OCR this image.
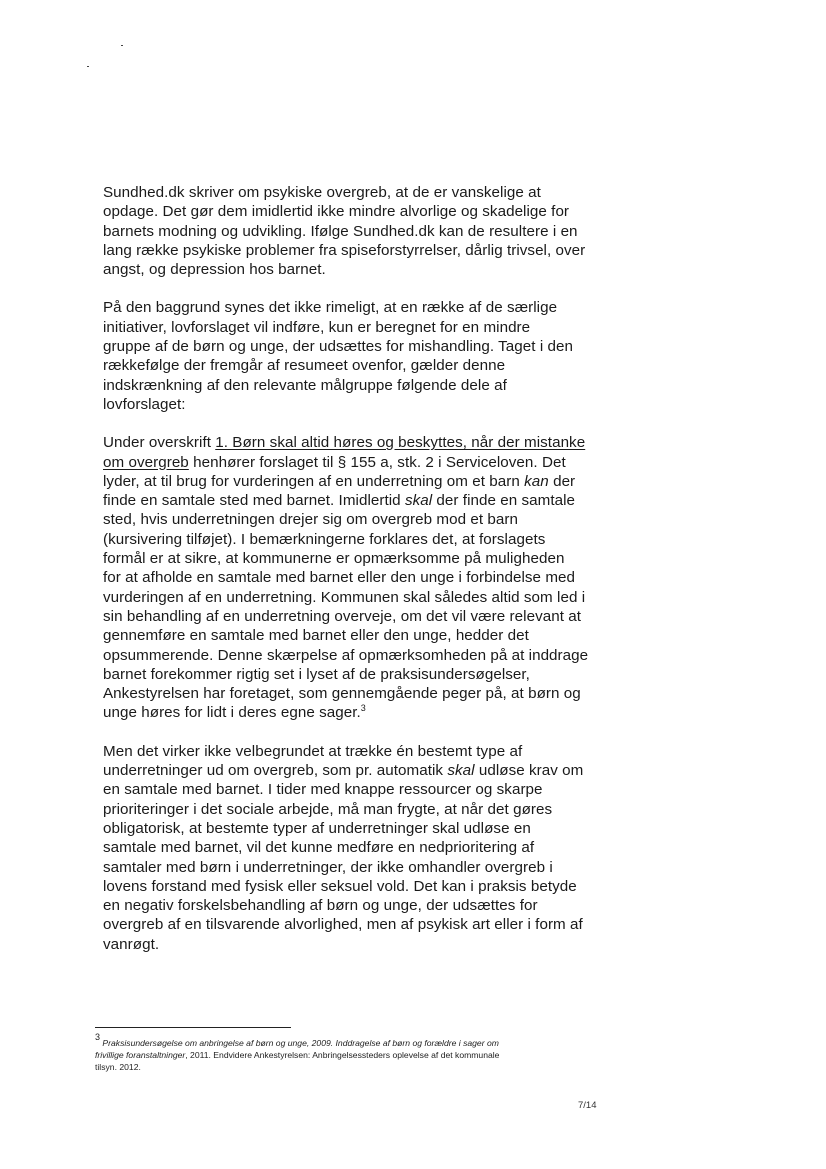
Sundhed.dk skriver om psykiske overgreb, at de er vanskelige at
opdage. Det gør dem imidlertid ikke mindre alvorlige og skadelige for
barnets modning og udvikling. Ifølge Sundhed.dk kan de resultere i en
lang række psykiske problemer fra spiseforstyrrelser, dårlig trivsel, over
angst, og depression hos barnet.

På den baggrund synes det ikke rimeligt, at en række af de særlige
initiativer, lovforslaget vil indføre, kun er beregnet for en mindre
gruppe af de børn og unge, der udsættes for mishandling. Taget i den
rækkefølge der fremgår af resumeet ovenfor, gælder denne
indskrænkning af den relevante målgruppe følgende dele af
lovforslaget:

Under overskrift 1. Børn skal altid høres og beskyttes, når der mistanke
om overgreb henhører forslaget til § 155 a, stk. 2 i Serviceloven. Det
lyder, at til brug for vurderingen af en underretning om et barn kan der
finde en samtale sted med barnet. Imidlertid skal der finde en samtale
sted, hvis underretningen drejer sig om overgreb mod et barn
(kursivering tilføjet). I bemærkningerne forklares det, at forslagets
formål er at sikre, at kommunerne er opmærksomme på muligheden
for at afholde en samtale med barnet eller den unge i forbindelse med
vurderingen af en underretning. Kommunen skal således altid som led i
sin behandling af en underretning overveje, om det vil være relevant at
gennemføre en samtale med barnet eller den unge, hedder det
opsummerende. Denne skærpelse af opmærksomheden på at inddrage
barnet forekommer rigtig set i lyset af de praksisundersøgelser,
Ankestyrelsen har foretaget, som gennemgående peger på, at børn og
unge høres for lidt i deres egne sager.$^3$

Men det virker ikke velbegrundet at trække én bestemt type af
underretninger ud om overgreb, som pr. automatik skal udløse krav om
en samtale med barnet. I tider med knappe ressourcer og skarpe
prioriteringer i det sociale arbejde, må man frygte, at når det gøres
obligatorisk, at bestemte typer af underretninger skal udløse en
samtale med barnet, vil det kunne medføre en nedprioritering af
samtaler med børn i underretninger, der ikke omhandler overgreb i
lovens forstand med fysisk eller seksuel vold. Det kan i praksis betyde
en negativ forskelsbehandling af børn og unge, der udsættes for
overgreb af en tilsvarende alvorlighed, men af psykisk art eller i form af
vanrøgt.

$^3$ Praksisundersøgelse om anbringelse af børn og unge, 2009. Inddragelse af børn og forældre i sager om
frivillige foranstaltninger, 2011. Endvidere Ankestyrelsen: Anbringelsessteders oplevelse af det kommunale
tilsyn. 2012.
7/14
